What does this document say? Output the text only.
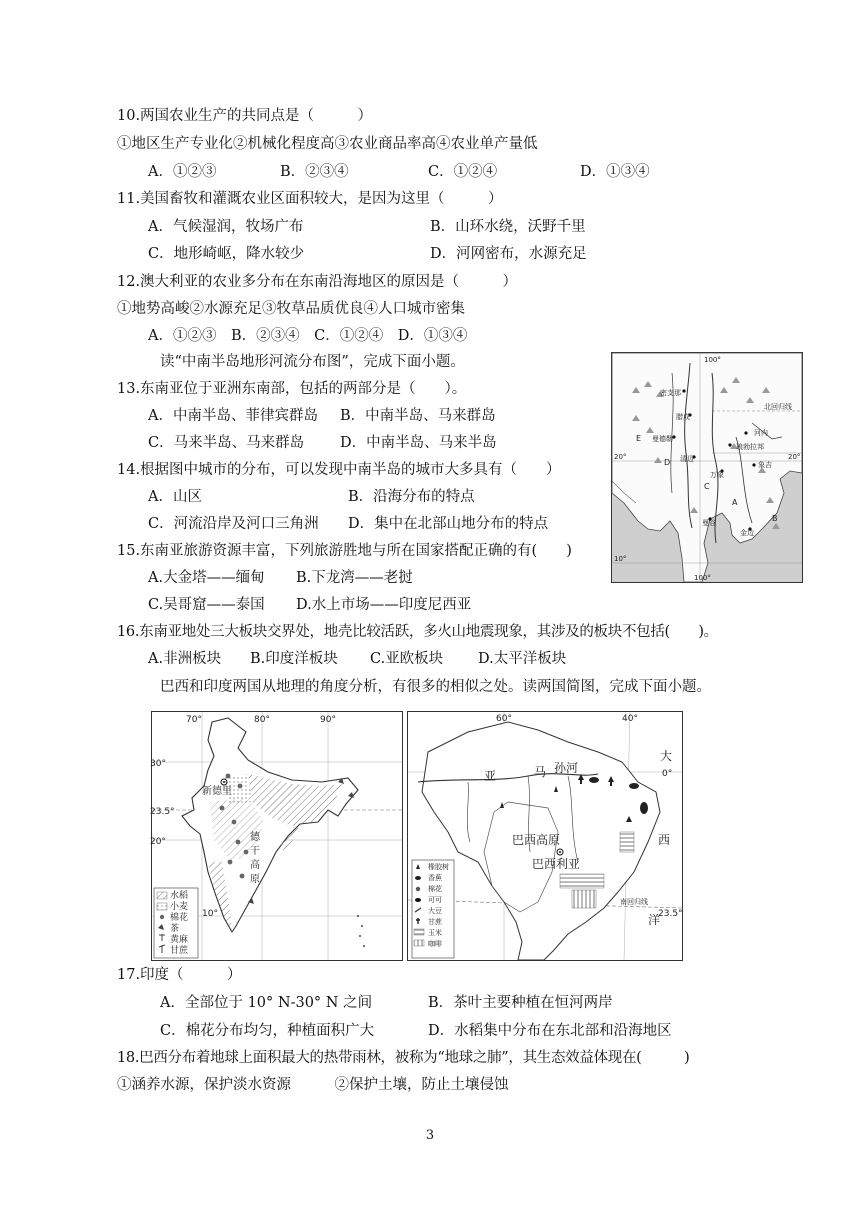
10.两国农业生产的共同点是（　　　）
①地区生产专业化②机械化程度高③农业商品率高④农业单产量低
A．①②③	B．②③④	C．①②④	D．①③④
11.美国畜牧和灌溉农业区面积较大，是因为这里（　　　）
A．气候湿润，牧场广布	B．山环水绕，沃野千里
C．地形崎岖，降水较少	D．河网密布，水源充足
12.澳大利亚的农业多分布在东南沿海地区的原因是（　　　）
①地势高峻②水源充足③牧草品质优良④人口城市密集
A．①②③　B．②③④　C．①②④　D．①③④
读“中南半岛地形河流分布图”，完成下面小题。
13.东南亚位于亚洲东南部，包括的两部分是（　　）。
A．中南半岛、菲律宾群岛 B．中南半岛、马来群岛
C．马来半岛、马来群岛 D．中南半岛、马来半岛
14.根据图中城市的分布，可以发现中南半岛的城市大多具有（　　）
A．山区	B．沿海分布的特点
C．河流沿岸及河口三角洲 D．集中在北部山地分布的特点
15.东南亚旅游资源丰富，下列旅游胜地与所在国家搭配正确的有(　　)
A.大金塔——缅甸 B.下龙湾——老挝
C.吴哥窟——泰国 D.水上市场——印度尼西亚
16.东南亚地处三大板块交界处，地壳比较活跃，多火山地震现象，其涉及的板块不包括(　　)。
A.非洲板块 B.印度洋板块 C.亚欧板块 D.太平洋板块
巴西和印度两国从地理的角度分析，有很多的相似之处。读两国简图，完成下面小题。
17.印度（　　　）
A．全部位于 10° N-30° N 之间	B．茶叶主要种植在恒河两岸
C．棉花分布均匀，种植面积广大	D．水稻集中分布在东北部和沿海地区
18.巴西分布着地球上面积最大的热带雨林，被称为“地球之肺”，其生态效益体现在(　　　)
①涵养水源，保护淡水资源　　　②保护土壤，防止土壤侵蚀
3
100°
100°
密支那
腊戍
北回归线
20°	20°
10°
曼德勒
清迈
河内
琅勃拉邦
万象
象吉
曼谷
金边
A
B
C
D
E
70°	80°	90°
30°
23.5°
20°
10°
新德里
德
干
高
原
水稻
小麦
棉花
茶
黄麻
甘蔗
60°	40°
亚	马 孙 河
大
0°
西
洋
23.5°
巴西高原
巴西利亚
南回归线
橡胶树
香蕉
棉花
可可
大豆
甘蔗
玉米
咖啡
